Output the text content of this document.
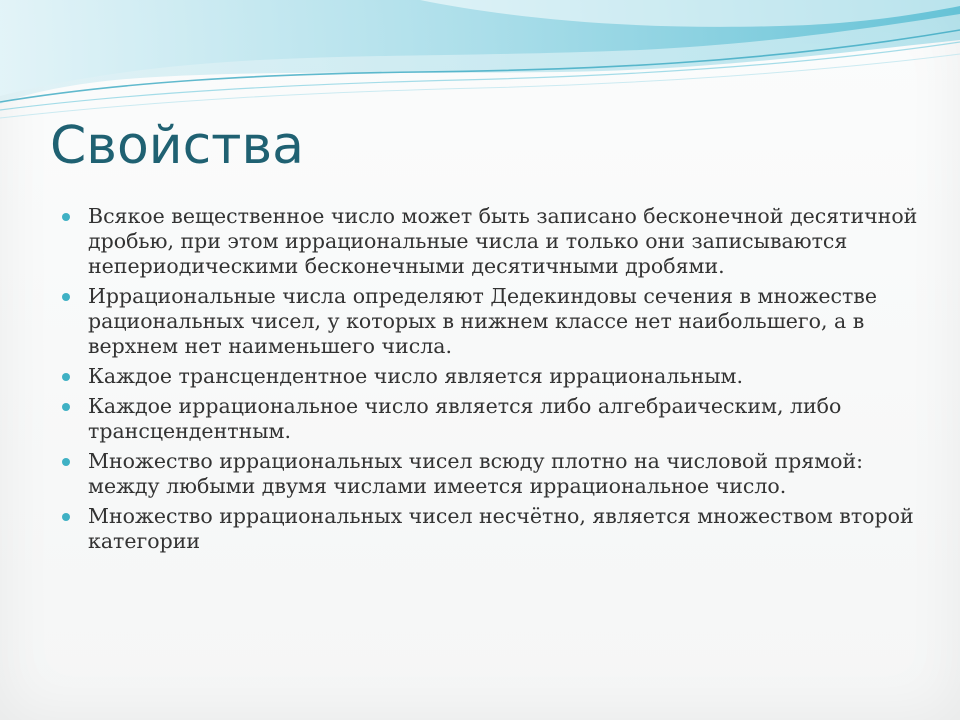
Свойства
Всякое вещественное число может быть записано бесконечной десятичной дробью, при этом иррациональные числа и только они записываются непериодическими бесконечными десятичными дробями.
Иррациональные числа определяют Дедекиндовы сечения в множестве рациональных чисел, у которых в нижнем классе нет наибольшего, а в верхнем нет наименьшего числа.
Каждое трансцендентное число является иррациональным.
Каждое иррациональное число является либо алгебраическим, либо трансцендентным.
Множество иррациональных чисел всюду плотно на числовой прямой: между любыми двумя числами имеется иррациональное число.
Множество иррациональных чисел несчётно, является множеством второй категории
